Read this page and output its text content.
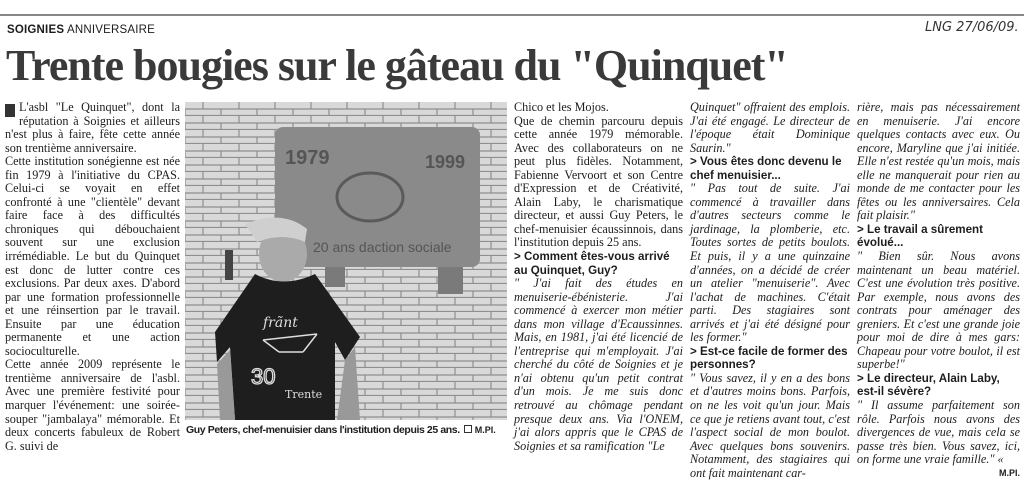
SOIGNIES ANNIVERSAIRE	LNG 27/06/09.
Trente bougies sur le gâteau du "Quinquet"

L'asbl "Le Quinquet", dont la réputation à Soignies et ailleurs n'est plus à faire, fête cette année son trentième anniversaire.

Cette institution sonégienne est née fin 1979 à l'initiative du CPAS. Celui-ci se voyait en effet confronté à une "clientèle" devant faire face à des difficultés chroniques qui débouchaient souvent sur une exclusion irrémédiable. Le but du Quinquet est donc de lutter contre ces exclusions. Par deux axes. D'abord par une formation professionnelle et une réinsertion par le travail. Ensuite par une éducation permanente et une action socioculturelle.

Cette année 2009 représente le trentième anniversaire de l'asbl. Avec une première festivité pour marquer l'événement: une soirée-souper "jambalaya" mémorable. Et deux concerts fabuleux de Robert G. suivi de

1979	1999
20 ans daction sociale
frãnt
30
Trente
Guy Peters, chef-menuisier dans l'institution depuis 25 ans. M.PI.

Chico et les Mojos.

Que de chemin parcouru depuis cette année 1979 mémorable. Avec des collaborateurs on ne peut plus fidèles. Notamment, Fabienne Vervoort et son Centre d'Expression et de Créativité, Alain Laby, le charismatique directeur, et aussi Guy Peters, le chef-menuisier écaussinnois, dans l'institution depuis 25 ans.

> Comment êtes-vous arrivé au Quinquet, Guy?

" J'ai fait des études en menuiserie-ébénisterie. J'ai commencé à exercer mon métier dans mon village d'Ecaussinnes. Mais, en 1981, j'ai été licencié de l'entreprise qui m'employait. J'ai cherché du côté de Soignies et je n'ai obtenu qu'un petit contrat d'un mois. Je me suis donc retrouvé au chômage pendant presque deux ans. Via l'ONEM, j'ai alors appris que le CPAS de Soignies et sa ramification "Le

Quinquet" offraient des emplois. J'ai été engagé. Le directeur de l'époque était Dominique Saurin."

> Vous êtes donc devenu le chef menuisier...

" Pas tout de suite. J'ai commencé à travailler dans d'autres secteurs comme le jardinage, la plomberie, etc. Toutes sortes de petits boulots. Et puis, il y a une quinzaine d'années, on a décidé de créer un atelier "menuiserie". Avec l'achat de machines. C'était parti. Des stagiaires sont arrivés et j'ai été désigné pour les former."

> Est-ce facile de former des personnes?

" Vous savez, il y en a des bons et d'autres moins bons. Parfois, on ne les voit qu'un jour. Mais ce que je retiens avant tout, c'est l'aspect social de mon boulot. Avec quelques bons souvenirs. Notamment, des stagiaires qui ont fait maintenant car-

rière, mais pas nécessairement en menuiserie. J'ai encore quelques contacts avec eux. Ou encore, Maryline que j'ai initiée. Elle n'est restée qu'un mois, mais elle ne manquerait pour rien au monde de me contacter pour les fêtes ou les anniversaires. Cela fait plaisir."

> Le travail a sûrement évolué...

" Bien sûr. Nous avons maintenant un beau matériel. C'est une évolution très positive. Par exemple, nous avons des contrats pour aménager des greniers. Et c'est une grande joie pour moi de dire à mes gars: Chapeau pour votre boulot, il est superbe!"

> Le directeur, Alain Laby, est-il sévère?

" Il assume parfaitement son rôle. Parfois nous avons des divergences de vue, mais cela se passe très bien. Vous savez, ici, on forme une vraie famille." «

M.PI.
